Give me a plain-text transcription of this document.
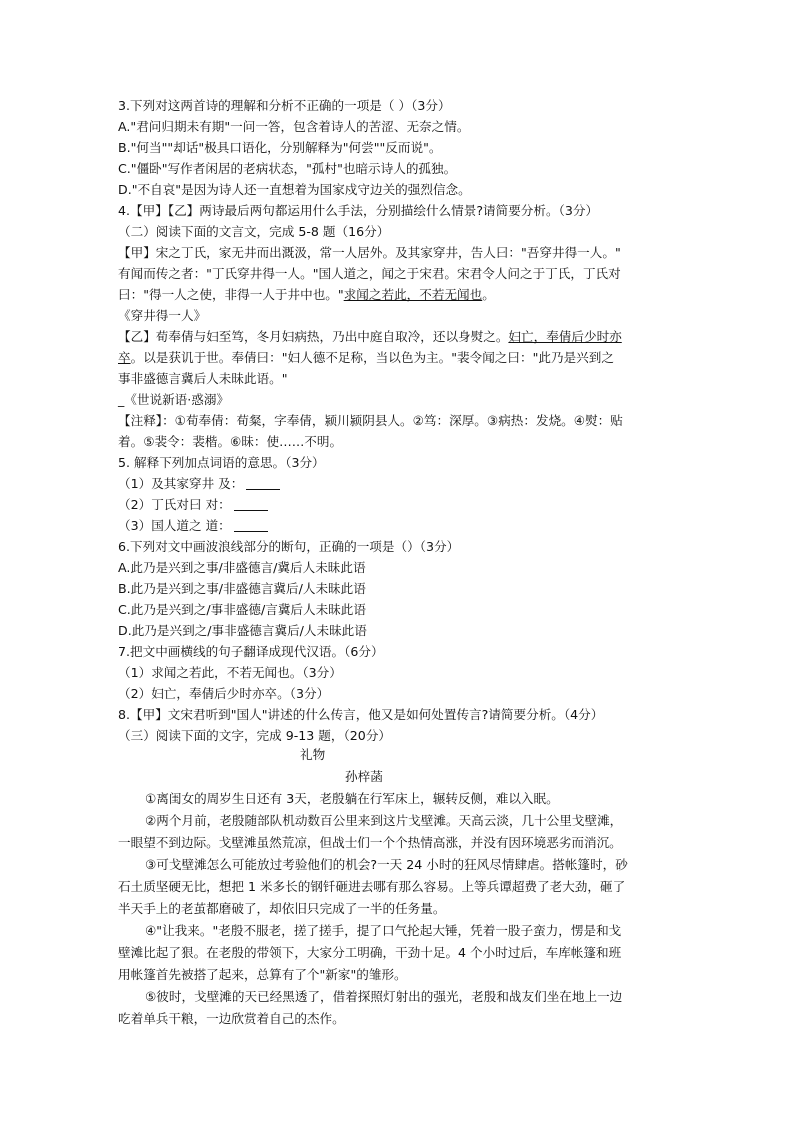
3.下列对这两首诗的理解和分析不正确的一项是（ ）（3分）
A."君问归期未有期"一问一答，包含着诗人的苦涩、无奈之情。
B."何当""却话"极具口语化，分别解释为"何尝""反而说"。
C."僵卧"写作者闲居的老病状态，"孤村"也暗示诗人的孤独。
D."不自哀"是因为诗人还一直想着为国家戍守边关的强烈信念。
4.【甲】【乙】两诗最后两句都运用什么手法，分别描绘什么情景?请简要分析。（3分）
（二）阅读下面的文言文，完成 5-8 题（16分）
【甲】宋之丁氏，家无井而出溉汲，常一人居外。及其家穿井，告人曰："吾穿井得一人。"
有闻而传之者："丁氏穿井得一人。"国人道之，闻之于宋君。宋君令人问之于丁氏，丁氏对
曰："得一人之使，非得一人于井中也。"求闻之若此，不若无闻也。
《穿井得一人》
【乙】荀奉倩与妇至笃，冬月妇病热，乃出中庭自取冷，还以身熨之。妇亡，奉倩后少时亦
卒。以是获讥于世。奉倩曰："妇人德不足称，当以色为主。"裴令闻之曰："此乃是兴到之
事非盛德言冀后人未昧此语。"
_《世说新语·惑溺》
【注释】：①荀奉倩：荀粲，字奉倩，颍川颍阴县人。②笃：深厚。③病热：发烧。④熨：贴
着。⑤裴令：裴楷。⑥昧：使……不明。
5. 解释下列加点词语的意思。（3分）
（1）及其家穿井 及：
（2）丁氏对曰 对：
（3）国人道之 道：
6.下列对文中画波浪线部分的断句，正确的一项是（）（3分）
A.此乃是兴到之事/非盛德言/冀后人未昧此语
B.此乃是兴到之事/非盛德言冀后/人未昧此语
C.此乃是兴到之/事非盛德/言冀后人未昧此语
D.此乃是兴到之/事非盛德言冀后/人未昧此语
7.把文中画横线的句子翻译成现代汉语。（6分）
（1）求闻之若此，不若无闻也。（3分）
（2）妇亡，奉倩后少时亦卒。（3分）
8.【甲】文宋君听到"国人"讲述的什么传言，他又是如何处置传言?请简要分析。（4分）
（三）阅读下面的文字，完成 9-13 题，（20分）
礼物
孙梓菡
①离闺女的周岁生日还有 3天，老殷躺在行军床上，辗转反侧，难以入眠。
②两个月前，老殷随部队机动数百公里来到这片戈壁滩。天高云淡，几十公里戈壁滩，
一眼望不到边际。戈壁滩虽然荒凉，但战士们一个个热情高涨，并没有因环境恶劣而消沉。
③可戈壁滩怎么可能放过考验他们的机会?一天 24 小时的狂风尽情肆虐。搭帐篷时，砂
石土质坚硬无比，想把 1 米多长的钢钎砸进去哪有那么容易。上等兵谭超费了老大劲，砸了
半天手上的老茧都磨破了，却依旧只完成了一半的任务量。
④"让我来。"老殷不服老，搓了搓手，提了口气抡起大锤，凭着一股子蛮力，愣是和戈
壁滩比起了狠。在老殷的带领下，大家分工明确，干劲十足。4 个小时过后，车库帐篷和班
用帐篷首先被搭了起来，总算有了个"新家"的雏形。
⑤彼时，戈壁滩的天已经黑透了，借着探照灯射出的强光，老殷和战友们坐在地上一边
吃着单兵干粮，一边欣赏着自己的杰作。
